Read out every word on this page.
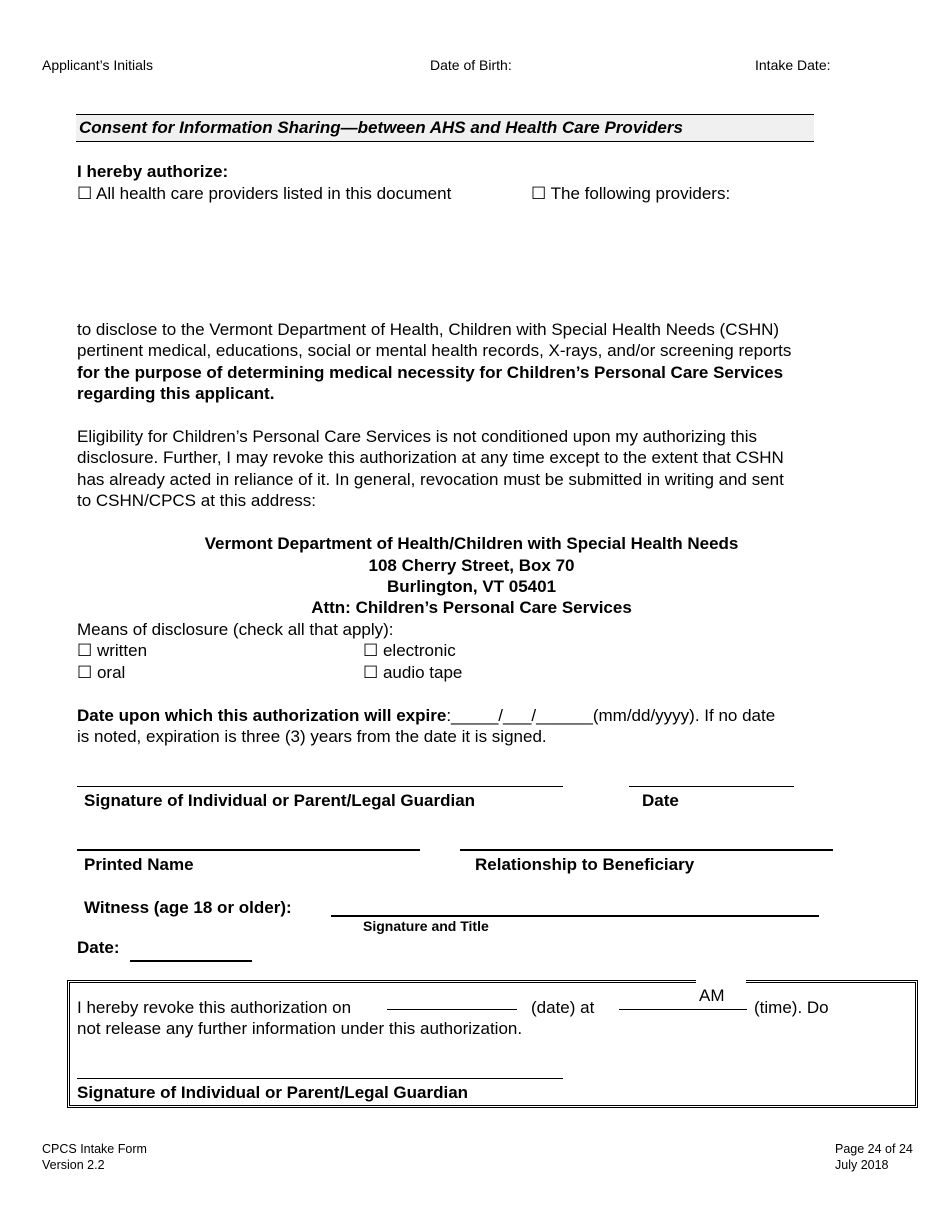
Applicant’s Initials	Date of Birth:	Intake Date:
Consent for Information Sharing—between AHS and Health Care Providers
I hereby authorize:
☐ All health care providers listed in this document	☐ The following providers:
to disclose to the Vermont Department of Health, Children with Special Health Needs (CSHN)
pertinent medical, educations, social or mental health records, X-rays, and/or screening reports
for the purpose of determining medical necessity for Children’s Personal Care Services
regarding this applicant.
Eligibility for Children’s Personal Care Services is not conditioned upon my authorizing this
disclosure. Further, I may revoke this authorization at any time except to the extent that CSHN
has already acted in reliance of it. In general, revocation must be submitted in writing and sent
to CSHN/CPCS at this address:
Vermont Department of Health/Children with Special Health Needs
108 Cherry Street, Box 70
Burlington, VT 05401
Attn: Children’s Personal Care Services
Means of disclosure (check all that apply):
☐ written	☐ electronic
☐ oral	☐ audio tape
Date upon which this authorization will expire:_____/___/______(mm/dd/yyyy). If no date
is noted, expiration is three (3) years from the date it is signed.
Signature of Individual or Parent/Legal Guardian	Date
Printed Name	Relationship to Beneficiary
Witness (age 18 or older):
Signature and Title
Date:
I hereby revoke this authorization on	(date) at
AM
(time). Do
not release any further information under this authorization.
Signature of Individual or Parent/Legal Guardian
CPCS Intake Form
Version 2.2
Page 24 of 24
July 2018
